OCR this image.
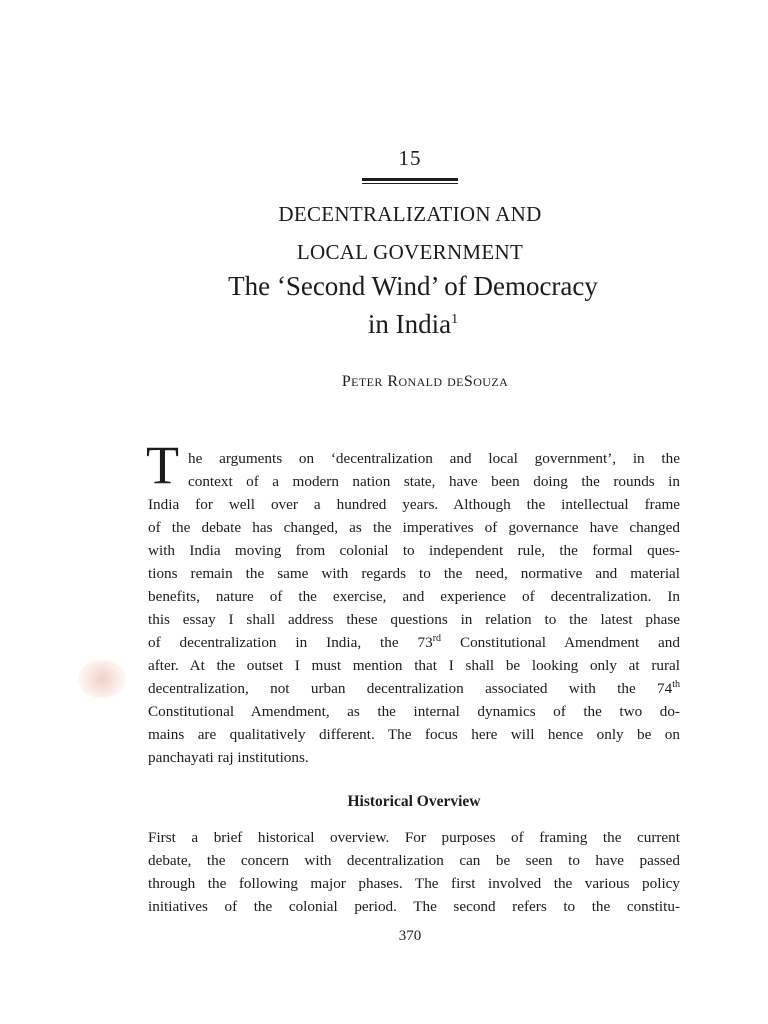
15
DECENTRALIZATION AND
LOCAL GOVERNMENT
The ‘Second Wind’ of Democracy
in India$^1$
Peter Ronald deSouza
T he arguments on ‘decentralization and local government’, in the
context of a modern nation state, have been doing the rounds in
India for well over a hundred years. Although the intellectual frame
of the debate has changed, as the imperatives of governance have changed
with India moving from colonial to independent rule, the formal ques-
tions remain the same with regards to the need, normative and material
benefits, nature of the exercise, and experience of decentralization. In
this essay I shall address these questions in relation to the latest phase
of decentralization in India, the 73rd Constitutional Amendment and
after. At the outset I must mention that I shall be looking only at rural
decentralization, not urban decentralization associated with the 74th
Constitutional Amendment, as the internal dynamics of the two do-
mains are qualitatively different. The focus here will hence only be on
panchayati raj institutions.
Historical Overview
First a brief historical overview. For purposes of framing the current
debate, the concern with decentralization can be seen to have passed
through the following major phases. The first involved the various policy
initiatives of the colonial period. The second refers to the constitu-
370
